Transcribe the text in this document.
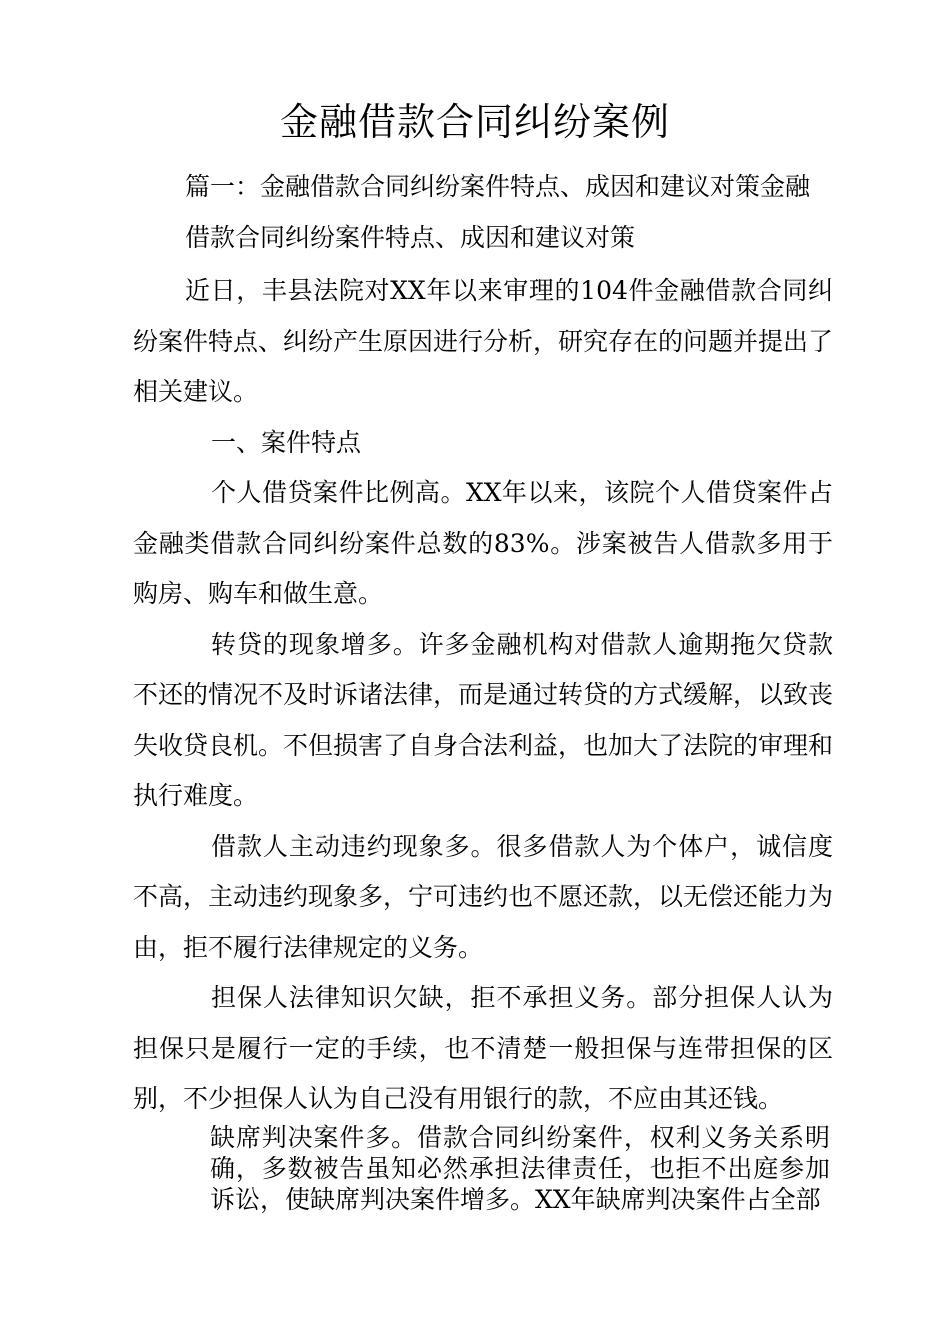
金融借款合同纠纷案例

篇一：金融借款合同纠纷案件特点、成因和建议对策金融

借款合同纠纷案件特点、成因和建议对策

近日，丰县法院对XX年以来审理的104件金融借款合同纠纷案件特点、纠纷产生原因进行分析，研究存在的问题并提出了相关建议。

一、案件特点

个人借贷案件比例高。XX年以来，该院个人借贷案件占金融类借款合同纠纷案件总数的83%。涉案被告人借款多用于购房、购车和做生意。

转贷的现象增多。许多金融机构对借款人逾期拖欠贷款不还的情况不及时诉诸法律，而是通过转贷的方式缓解，以致丧失收贷良机。不但损害了自身合法利益，也加大了法院的审理和执行难度。

借款人主动违约现象多。很多借款人为个体户，诚信度不高，主动违约现象多，宁可违约也不愿还款，以无偿还能力为由，拒不履行法律规定的义务。

担保人法律知识欠缺，拒不承担义务。部分担保人认为担保只是履行一定的手续，也不清楚一般担保与连带担保的区别，不少担保人认为自己没有用银行的款，不应由其还钱。

缺席判决案件多。借款合同纠纷案件，权利义务关系明确，多数被告虽知必然承担法律责任，也拒不出庭参加诉讼，使缺席判决案件增多。XX年缺席判决案件占全部
